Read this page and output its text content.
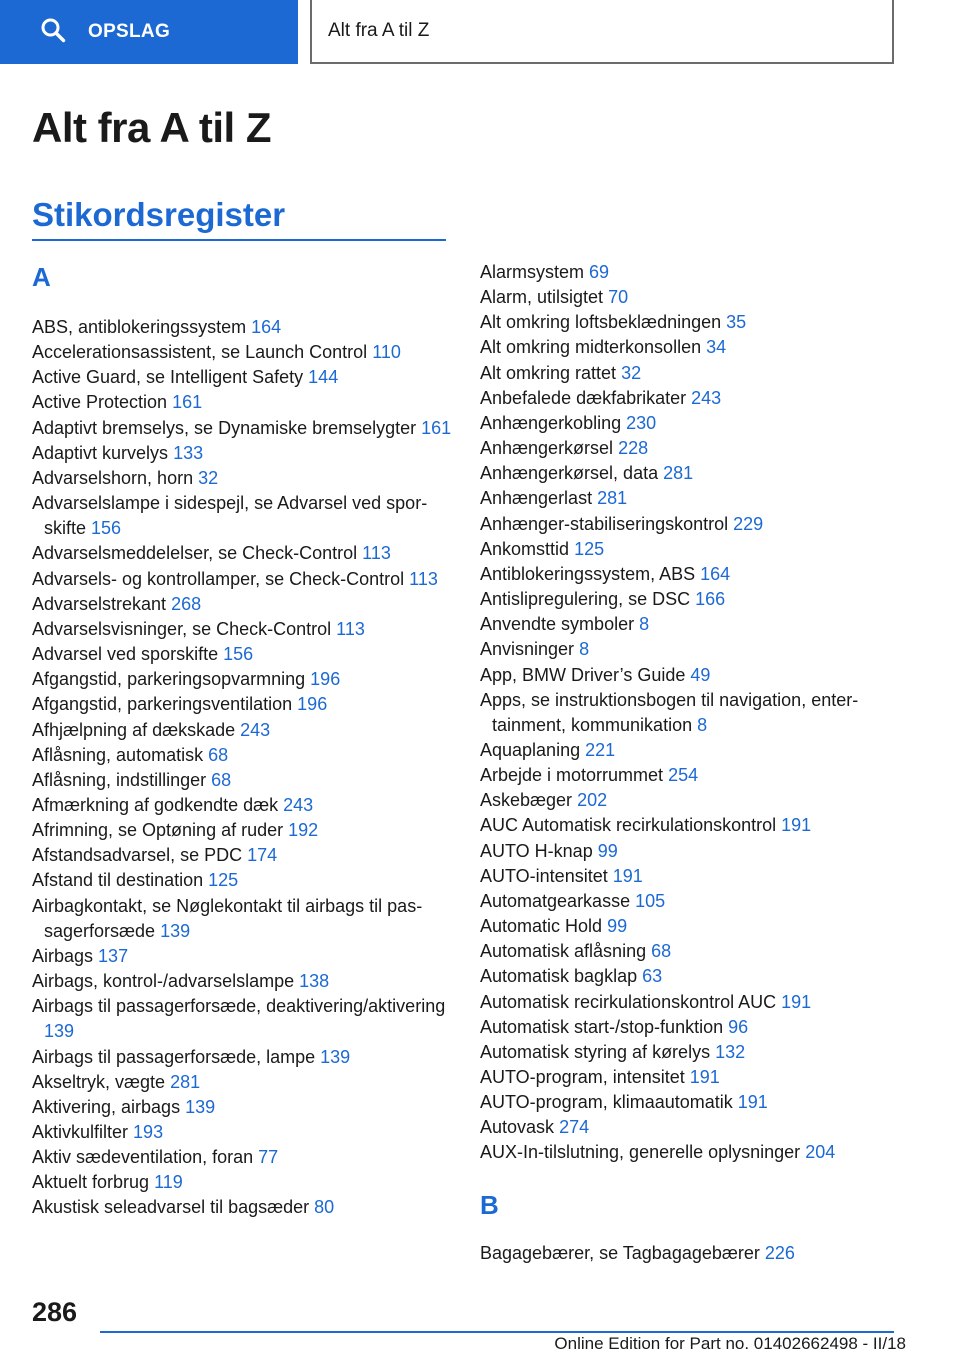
OPSLAG	Alt fra A til Z
Alt fra A til Z
Stikordsregister
A
ABS, antiblokeringssystem 164
Accelerationsassistent, se Launch Control 110
Active Guard, se Intelligent Safety 144
Active Protection 161
Adaptivt bremselys, se Dynamiske bremselygter 161
Adaptivt kurvelys 133
Advarselshorn, horn 32
Advarselslampe i sidespejl, se Advarsel ved sporskifte 156
Advarselsmeddelelser, se Check-Control 113
Advarsels- og kontrollamper, se Check-Control 113
Advarselstrekant 268
Advarselsvisninger, se Check-Control 113
Advarsel ved sporskifte 156
Afgangstid, parkeringsopvarmning 196
Afgangstid, parkeringsventilation 196
Afhjælpning af dækskade 243
Aflåsning, automatisk 68
Aflåsning, indstillinger 68
Afmærkning af godkendte dæk 243
Afrimning, se Optøning af ruder 192
Afstandsadvarsel, se PDC 174
Afstand til destination 125
Airbagkontakt, se Nøglekontakt til airbags til passagerforsæde 139
Airbags 137
Airbags, kontrol-/advarselslampe 138
Airbags til passagerforsæde, deaktivering/aktivering 139
Airbags til passagerforsæde, lampe 139
Akseltryk, vægte 281
Aktivering, airbags 139
Aktivkulfilter 193
Aktiv sædeventilation, foran 77
Aktuelt forbrug 119
Akustisk seleadvarsel til bagsæder 80
Alarmsystem 69
Alarm, utilsigtet 70
Alt omkring loftsbeklædningen 35
Alt omkring midterkonsollen 34
Alt omkring rattet 32
Anbefalede dækfabrikater 243
Anhængerkobling 230
Anhængerkørsel 228
Anhængerkørsel, data 281
Anhængerlast 281
Anhænger-stabiliseringskontrol 229
Ankomsttid 125
Antiblokeringssystem, ABS 164
Antislipregulering, se DSC 166
Anvendte symboler 8
Anvisninger 8
App, BMW Driver’s Guide 49
Apps, se instruktionsbogen til navigation, entertainment, kommunikation 8
Aquaplaning 221
Arbejde i motorrummet 254
Askebæger 202
AUC Automatisk recirkulationskontrol 191
AUTO H-knap 99
AUTO-intensitet 191
Automatgearkasse 105
Automatic Hold 99
Automatisk aflåsning 68
Automatisk bagklap 63
Automatisk recirkulationskontrol AUC 191
Automatisk start-/stop-funktion 96
Automatisk styring af kørelys 132
AUTO-program, intensitet 191
AUTO-program, klimaautomatik 191
Autovask 274
AUX-In-tilslutning, generelle oplysninger 204
B
Bagagebærer, se Tagbagagebærer 226
286
Online Edition for Part no. 01402662498 - II/18
